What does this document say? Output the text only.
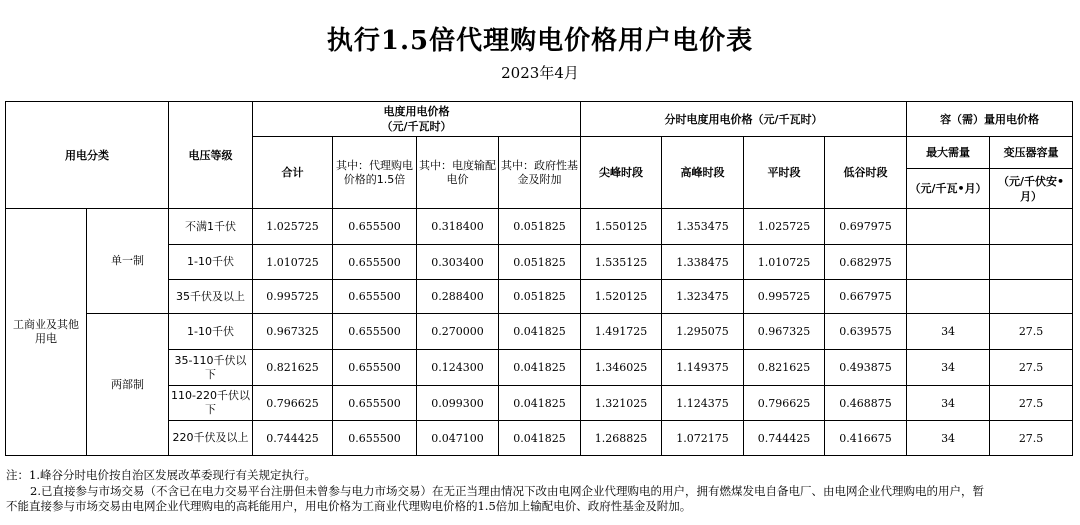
执行1.5倍代理购电价格用户电价表
2023年4月
用电分类		电压等级	电度用电价格
（元/千瓦时）				分时电度用电价格（元/千瓦时）				容（需）量用电价格	
			合计	其中：代理购电价格的1.5倍	其中：电度输配电价	其中：政府性基金及附加	尖峰时段	高峰时段	平时段	低谷时段	最大需量	变压器容量
											（元/千瓦•月）	（元/千伏安•月）
工商业及其他用电	单一制	不满1千伏	1.025725	0.655500	0.318400	0.051825	1.550125	1.353475	1.025725	0.697975		
		1-10千伏	1.010725	0.655500	0.303400	0.051825	1.535125	1.338475	1.010725	0.682975		
		35千伏及以上	0.995725	0.655500	0.288400	0.051825	1.520125	1.323475	0.995725	0.667975		
	两部制	1-10千伏	0.967325	0.655500	0.270000	0.041825	1.491725	1.295075	0.967325	0.639575	34	27.5
		35-110千伏以下	0.821625	0.655500	0.124300	0.041825	1.346025	1.149375	0.821625	0.493875	34	27.5
		110-220千伏以下	0.796625	0.655500	0.099300	0.041825	1.321025	1.124375	0.796625	0.468875	34	27.5
		220千伏及以上	0.744425	0.655500	0.047100	0.041825	1.268825	1.072175	0.744425	0.416675	34	27.5
注：1.峰谷分时电价按自治区发展改革委现行有关规定执行。
2.已直接参与市场交易（不含已在电力交易平台注册但未曾参与电力市场交易）在无正当理由情况下改由电网企业代理购电的用户，拥有燃煤发电自备电厂、由电网企业代理购电的用户，暂
不能直接参与市场交易由电网企业代理购电的高耗能用户，用电价格为工商业代理购电价格的1.5倍加上输配电价、政府性基金及附加。
